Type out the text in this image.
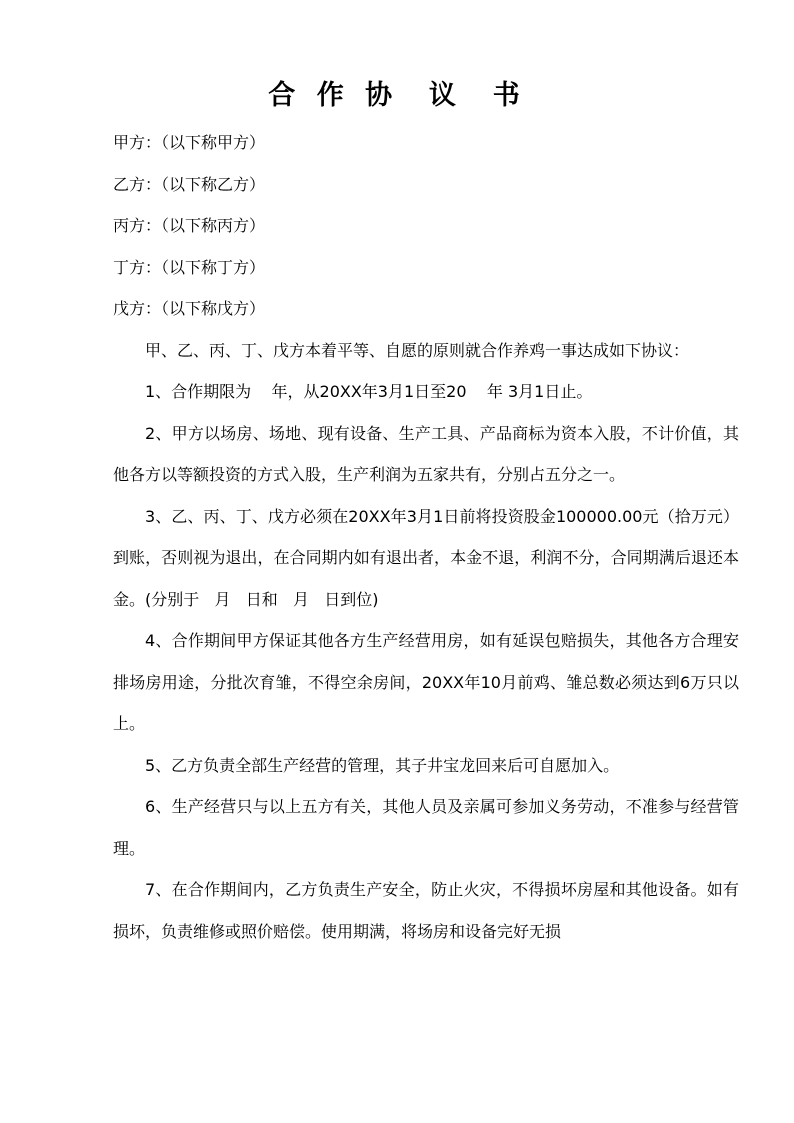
合 作 协  议  书

甲方：（以下称甲方）

乙方：（以下称乙方）

丙方：（以下称丙方）

丁方：（以下称丁方）

戊方：（以下称戊方）

甲、乙、丙、丁、戊方本着平等、自愿的原则就合作养鸡一事达成如下协议：

1、合作期限为    年，从20XX年3月1日至20    年 3月1日止。

2、甲方以场房、场地、现有设备、生产工具、产品商标为资本入股，不计价值，其他各方以等额投资的方式入股，生产利润为五家共有，分别占五分之一。

3、乙、丙、丁、戊方必须在20XX年3月1日前将投资股金100000.00元（拾万元）到账，否则视为退出，在合同期内如有退出者，本金不退，利润不分，合同期满后退还本金。(分别于   月   日和   月   日到位)

4、合作期间甲方保证其他各方生产经营用房，如有延误包赔损失，其他各方合理安排场房用途，分批次育雏，不得空余房间，20XX年10月前鸡、雏总数必须达到6万只以上。

5、乙方负责全部生产经营的管理，其子井宝龙回来后可自愿加入。

6、生产经营只与以上五方有关，其他人员及亲属可参加义务劳动，不准参与经营管理。

7、在合作期间内，乙方负责生产安全，防止火灾，不得损坏房屋和其他设备。如有损坏，负责维修或照价赔偿。使用期满，将场房和设备完好无损
